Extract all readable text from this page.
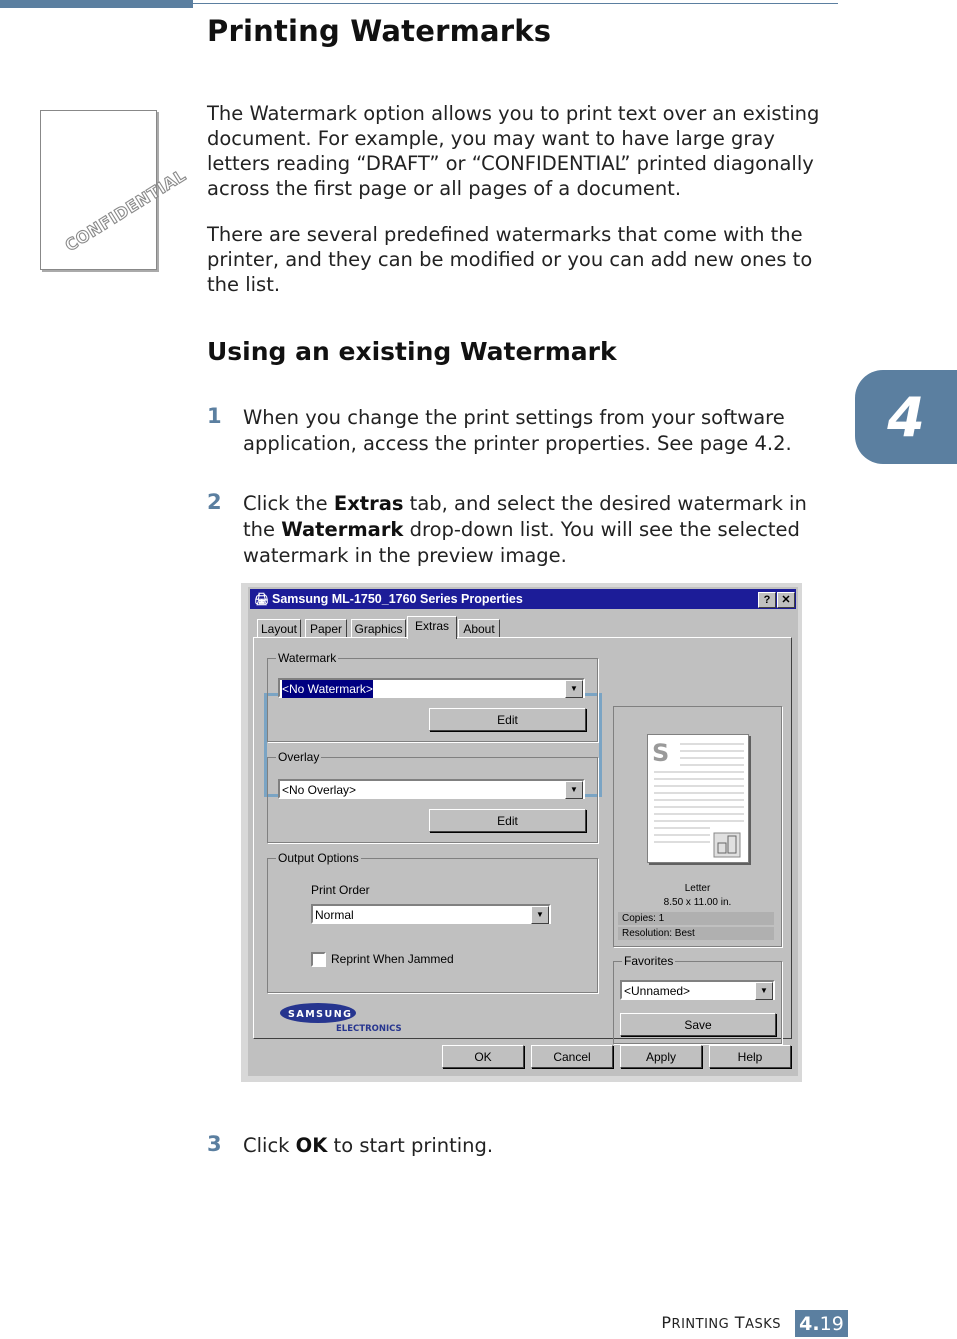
Printing Watermarks
CONFIDENTIAL

The Watermark option allows you to print text over an existing document. For example, you may want to have large gray letters reading “DRAFT” or “CONFIDENTIAL” printed diagonally across the first page or all pages of a document.

There are several predefined watermarks that come with the printer, and they can be modified or you can add new ones to the list.

4
Using an existing Watermark
1 When you change the print settings from your software application, access the printer properties. See page 4.2.

2 Click the Extras tab, and select the desired watermark in the Watermark drop-down list. You will see the selected watermark in the preview image.

🖨 Samsung ML-1750_1760 Series Properties	?	✕
Layout	Paper	Graphics	Extras	About
Watermark
<No Watermark>	▼
Edit
Overlay
<No Overlay>	▼
Edit
Output Options
Print Order
Normal	▼
Reprint When Jammed
S
Letter
8.50 x 11.00 in.
Copies: 1
Resolution: Best
Favorites
<Unnamed>	▼
Save
SAMSUNG
ELECTRONICS
OK	Cancel	Apply	Help
3 Click OK to start printing.

PRINTING TASKS 4. 19
